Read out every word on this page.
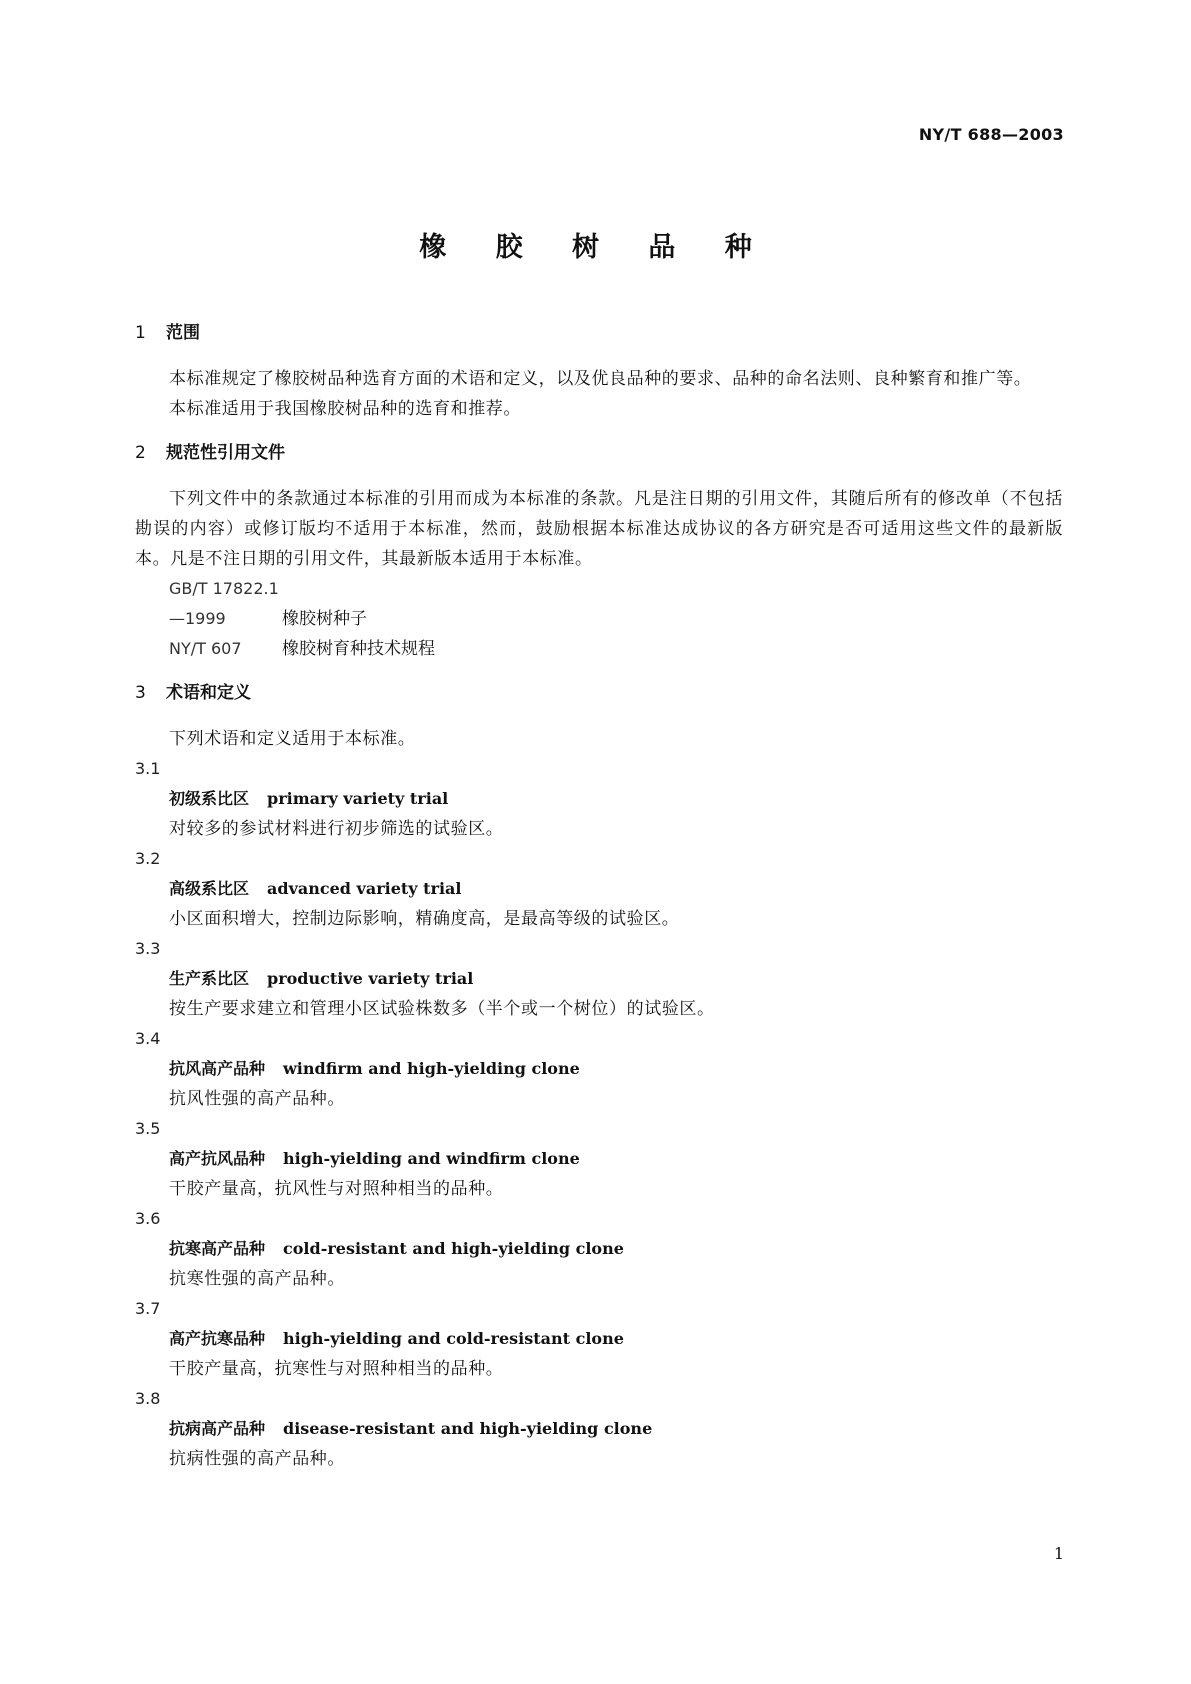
NY/T 688—2003
橡 胶 树 品 种

1 范围

本标准规定了橡胶树品种选育方面的术语和定义，以及优良品种的要求、品种的命名法则、良种繁育和推广等。

本标准适用于我国橡胶树品种的选育和推荐。

2 规范性引用文件

下列文件中的条款通过本标准的引用而成为本标准的条款。凡是注日期的引用文件，其随后所有的修改单（不包括勘误的内容）或修订版均不适用于本标准，然而，鼓励根据本标准达成协议的各方研究是否可适用这些文件的最新版本。凡是不注日期的引用文件，其最新版本适用于本标准。

GB/T 17822.1—1999	橡胶树种子

NY/T 607 橡胶树育种技术规程

3 术语和定义

下列术语和定义适用于本标准。

3.1

初级系比区 primary variety trial

对较多的参试材料进行初步筛选的试验区。

3.2

高级系比区 advanced variety trial

小区面积增大，控制边际影响，精确度高，是最高等级的试验区。

3.3

生产系比区 productive variety trial

按生产要求建立和管理小区试验株数多（半个或一个树位）的试验区。

3.4

抗风高产品种 windfirm and high-yielding clone

抗风性强的高产品种。

3.5

高产抗风品种 high-yielding and windfirm clone

干胶产量高，抗风性与对照种相当的品种。

3.6

抗寒高产品种 cold-resistant and high-yielding clone

抗寒性强的高产品种。

3.7

高产抗寒品种 high-yielding and cold-resistant clone

干胶产量高，抗寒性与对照种相当的品种。

3.8

抗病高产品种 disease-resistant and high-yielding clone

抗病性强的高产品种。

1
